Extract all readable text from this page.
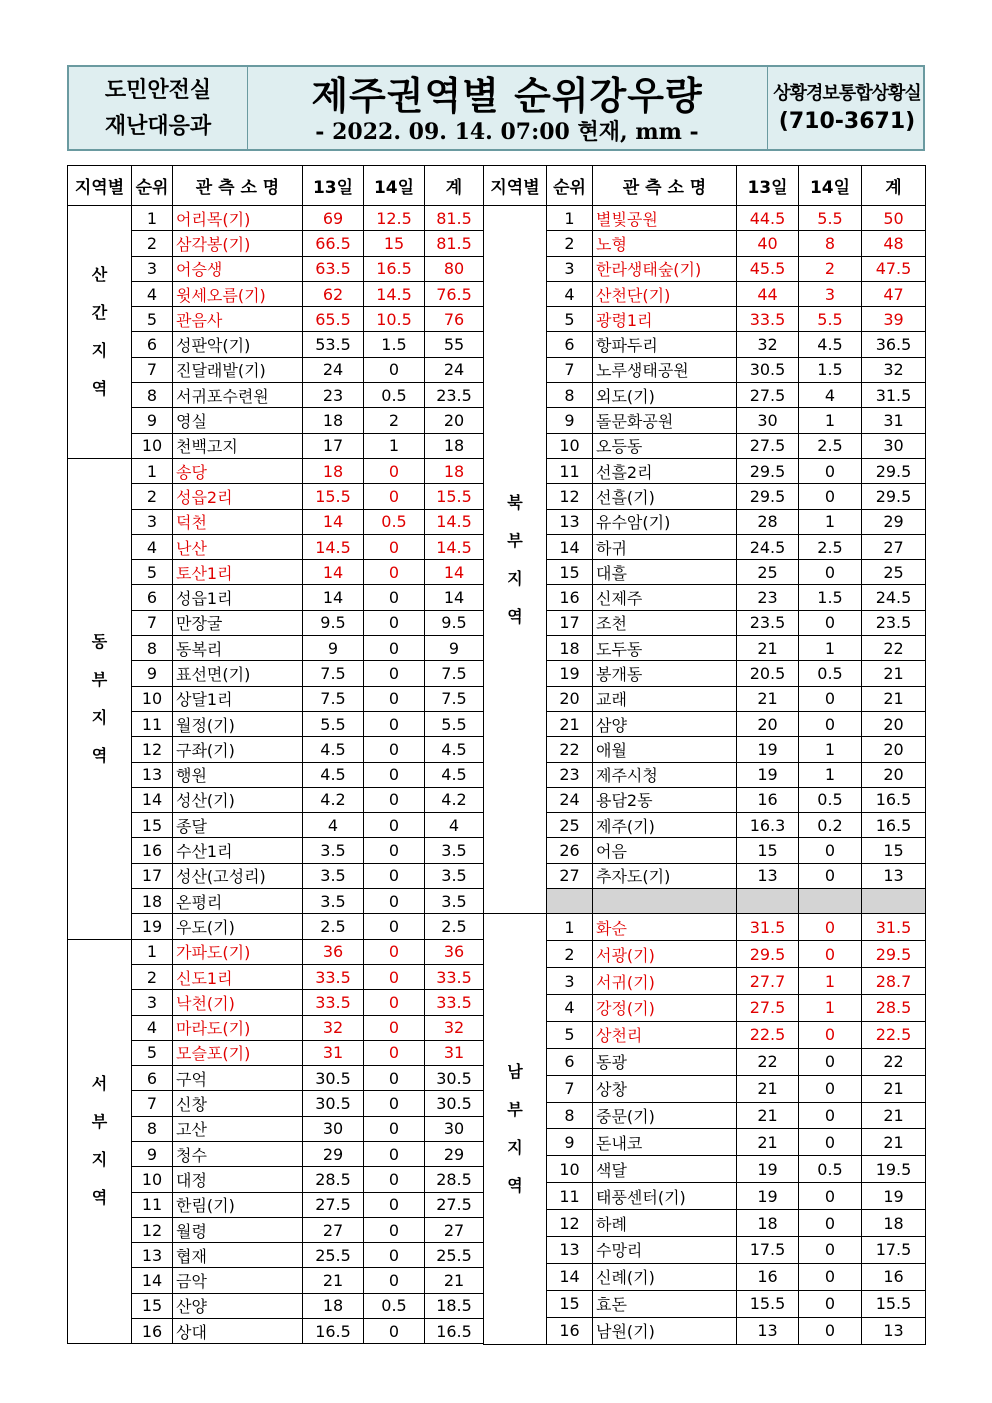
도민안전실
재난대응과
제주권역별 순위강우량
- 2022. 09. 14. 07:00 현재, mm -
상황경보통합상황실
(710-3671)
지역별	순위	관 측 소 명	13일	14일	계

산
간
지
역	1	어리목(기)	69	12.5	81.5
	2	삼각봉(기)	66.5	15	81.5
	3	어승생	63.5	16.5	80
	4	윗세오름(기)	62	14.5	76.5
	5	관음사	65.5	10.5	76
	6	성판악(기)	53.5	1.5	55
	7	진달래밭(기)	24	0	24
	8	서귀포수련원	23	0.5	23.5
	9	영실	18	2	20
	10	천백고지	17	1	18

동
부
지
역	1	송당	18	0	18
	2	성읍2리	15.5	0	15.5
	3	덕천	14	0.5	14.5
	4	난산	14.5	0	14.5
	5	토산1리	14	0	14
	6	성읍1리	14	0	14
	7	만장굴	9.5	0	9.5
	8	동복리	9	0	9
	9	표선면(기)	7.5	0	7.5
	10	상달1리	7.5	0	7.5
	11	월정(기)	5.5	0	5.5
	12	구좌(기)	4.5	0	4.5
	13	행원	4.5	0	4.5
	14	성산(기)	4.2	0	4.2
	15	종달	4	0	4
	16	수산1리	3.5	0	3.5
	17	성산(고성리)	3.5	0	3.5
	18	온평리	3.5	0	3.5
	19	우도(기)	2.5	0	2.5

서
부
지
역	1	가파도(기)	36	0	36
	2	신도1리	33.5	0	33.5
	3	낙천(기)	33.5	0	33.5
	4	마라도(기)	32	0	32
	5	모슬포(기)	31	0	31
	6	구억	30.5	0	30.5
	7	신창	30.5	0	30.5
	8	고산	30	0	30
	9	청수	29	0	29
	10	대정	28.5	0	28.5
	11	한림(기)	27.5	0	27.5
	12	월령	27	0	27
	13	협재	25.5	0	25.5
	14	금악	21	0	21
	15	산양	18	0.5	18.5
	16	상대	16.5	0	16.5
지역별	순위	관 측 소 명	13일	14일	계

북
부
지
역	1	별빛공원	44.5	5.5	50
	2	노형	40	8	48
	3	한라생태숲(기)	45.5	2	47.5
	4	산천단(기)	44	3	47
	5	광령1리	33.5	5.5	39
	6	항파두리	32	4.5	36.5
	7	노루생태공원	30.5	1.5	32
	8	외도(기)	27.5	4	31.5
	9	돌문화공원	30	1	31
	10	오등동	27.5	2.5	30
	11	선흘2리	29.5	0	29.5
	12	선흘(기)	29.5	0	29.5
	13	유수암(기)	28	1	29
	14	하귀	24.5	2.5	27
	15	대흘	25	0	25
	16	신제주	23	1.5	24.5
	17	조천	23.5	0	23.5
	18	도두동	21	1	22
	19	봉개동	20.5	0.5	21
	20	교래	21	0	21
	21	삼양	20	0	20
	22	애월	19	1	20
	23	제주시청	19	1	20
	24	용담2동	16	0.5	16.5
	25	제주(기)	16.3	0.2	16.5
	26	어음	15	0	15
	27	추자도(기)	13	0	13

남
부
지
역	1	화순	31.5	0	31.5
	2	서광(기)	29.5	0	29.5
	3	서귀(기)	27.7	1	28.7
	4	강정(기)	27.5	1	28.5
	5	상천리	22.5	0	22.5
	6	동광	22	0	22
	7	상창	21	0	21
	8	중문(기)	21	0	21
	9	돈내코	21	0	21
	10	색달	19	0.5	19.5
	11	태풍센터(기)	19	0	19
	12	하례	18	0	18
	13	수망리	17.5	0	17.5
	14	신례(기)	16	0	16
	15	효돈	15.5	0	15.5
	16	남원(기)	13	0	13
